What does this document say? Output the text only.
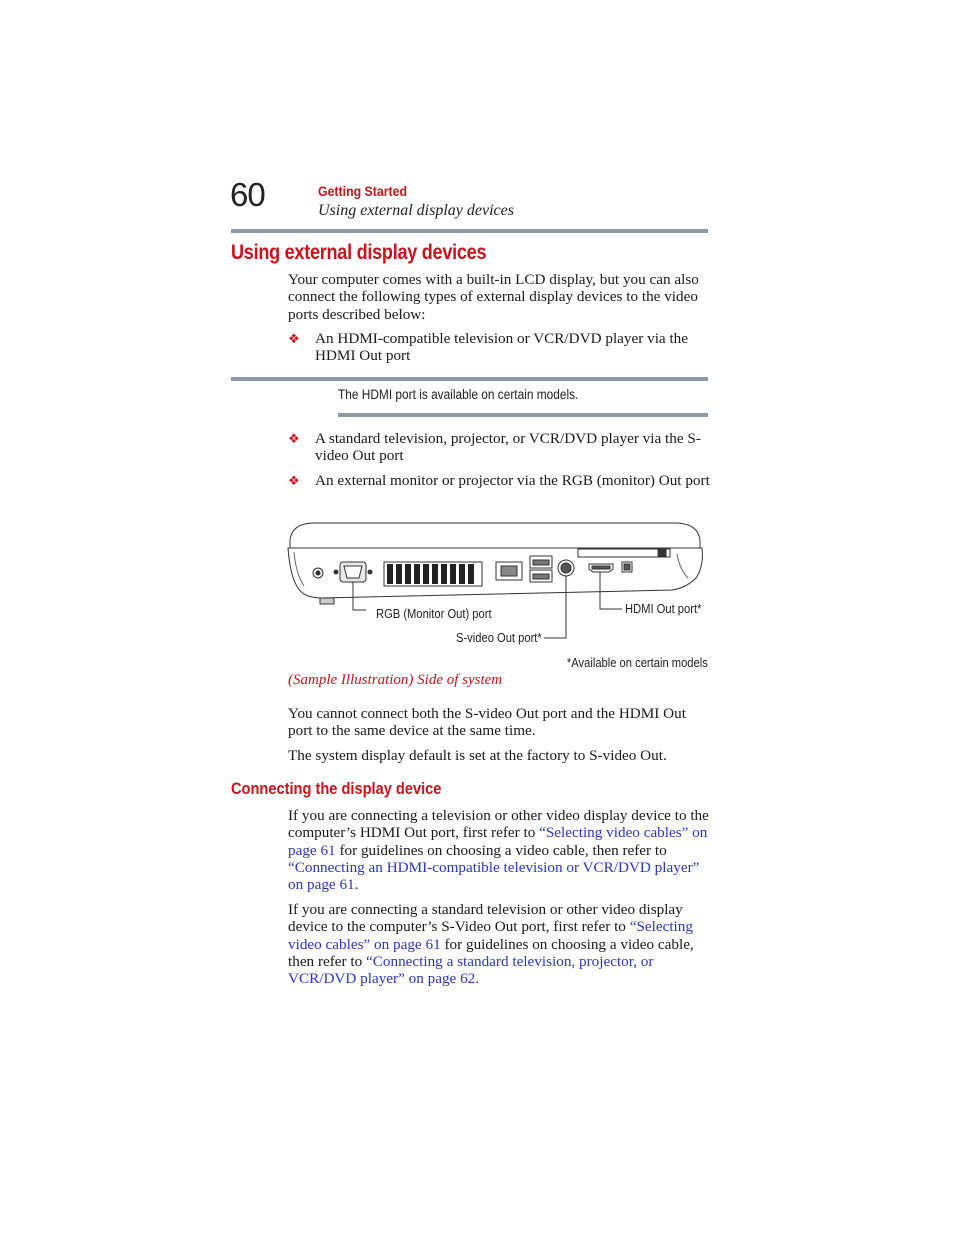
60	Getting Started
Using external display devices
Using external display devices
Your computer comes with a built-in LCD display, but you can also connect the following types of external display devices to the video ports described below:
❖ An HDMI-compatible television or VCR/DVD player via the HDMI Out port
The HDMI port is available on certain models.
❖ A standard television, projector, or VCR/DVD player via the S-video Out port
❖ An external monitor or projector via the RGB (monitor) Out port
RGB (Monitor Out) port
S-video Out port*
HDMI Out port*
*Available on certain models
(Sample Illustration) Side of system
You cannot connect both the S-video Out port and the HDMI Out port to the same device at the same time.
The system display default is set at the factory to S-video Out.
Connecting the display device
If you are connecting a television or other video display device to the computer’s HDMI Out port, first refer to “Selecting video cables” on page 61 for guidelines on choosing a video cable, then refer to “Connecting an HDMI-compatible television or VCR/DVD player” on page 61.
If you are connecting a standard television or other video display device to the computer’s S-Video Out port, first refer to “Selecting video cables” on page 61 for guidelines on choosing a video cable, then refer to “Connecting a standard television, projector, or VCR/DVD player” on page 62.
